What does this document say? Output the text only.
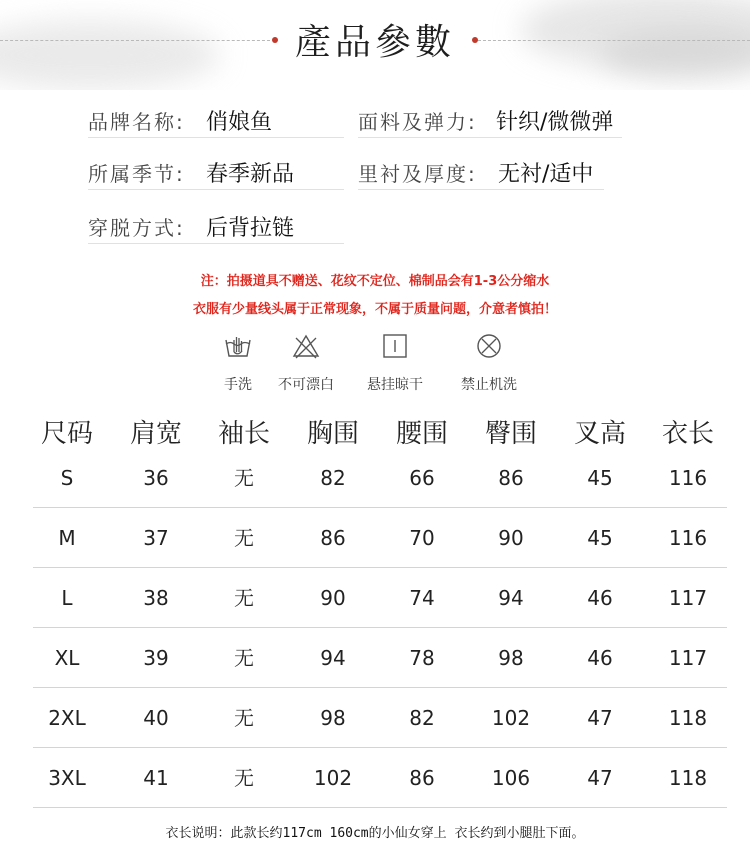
產品參數
品牌名称: 俏娘鱼	面料及弹力: 针织/微微弹
所属季节: 春季新品	里衬及厚度: 无衬/适中
穿脱方式: 后背拉链
注：拍摄道具不赠送、花纹不定位、棉制品会有1-3公分缩水
衣服有少量线头属于正常现象，不属于质量问题，介意者慎拍！
手洗	不可漂白	悬挂晾干	禁止机洗
尺码	肩宽	袖长	胸围	腰围	臀围	叉高	衣长
S	36	无	82	66	86	45	116
M	37	无	86	70	90	45	116
L	38	无	90	74	94	46	117
XL	39	无	94	78	98	46	117
2XL	40	无	98	82	102	47	118
3XL	41	无	102	86	106	47	118
衣长说明：此款长约117cm 160cm的小仙女穿上 衣长约到小腿肚下面。
